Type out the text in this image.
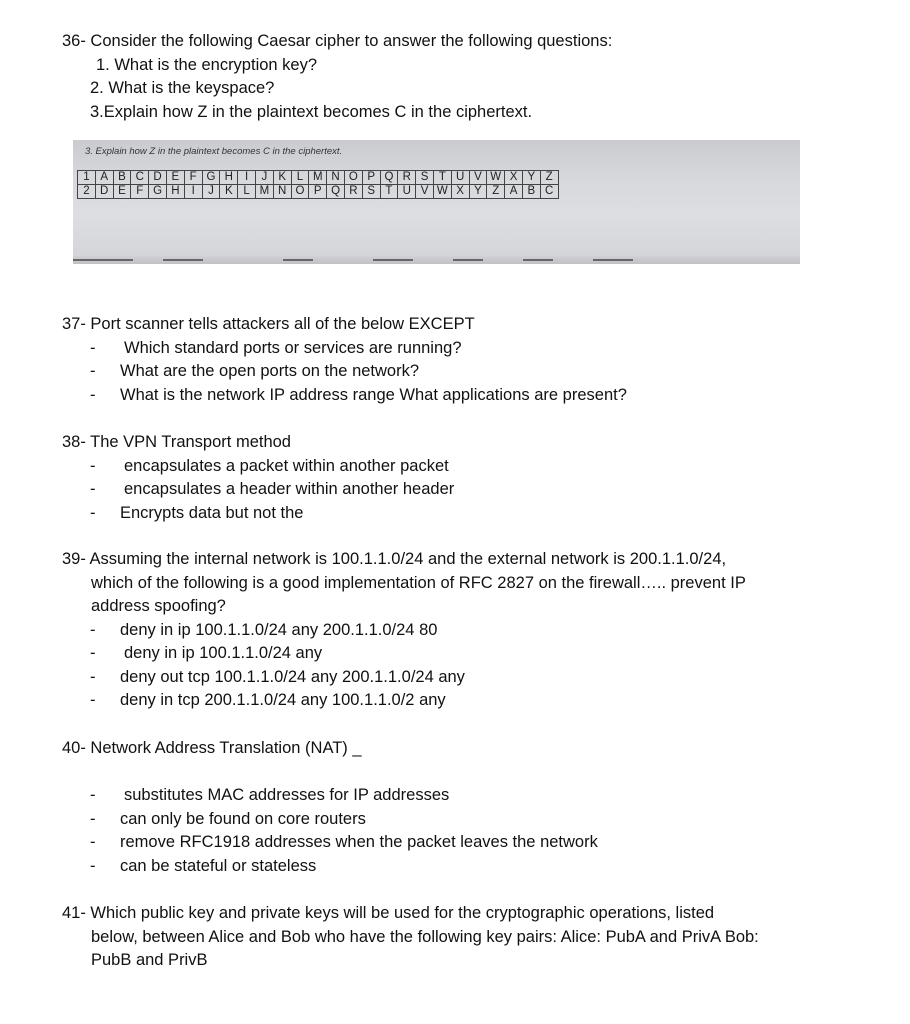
36- Consider the following Caesar cipher to answer the following questions:
1. What is the encryption key?
2. What is the keyspace?
3.Explain how Z in the plaintext becomes C in the ciphertext.
3. Explain how Z in the plaintext becomes C in the ciphertext.
1	A	B	C	D	E	F	G	H	I	J	K	L	M	N	O	P	Q	R	S	T	U	V	W	X	Y	Z
2	D	E	F	G	H	I	J	K	L	M	N	O	P	Q	R	S	T	U	V	W	X	Y	Z	A	B	C
37- Port scanner tells attackers all of the below EXCEPT
-	Which standard ports or services are running?
-	What are the open ports on the network?
-	What is the network IP address range What applications are present?
38- The VPN Transport method
-	encapsulates a packet within another packet
-	encapsulates a header within another header
-	Encrypts data but not the
39- Assuming the internal network is 100.1.1.0/24 and the external network is 200.1.1.0/24,
which of the following is a good implementation of RFC 2827 on the firewall….. prevent IP
address spoofing?
-	deny in ip 100.1.1.0/24 any 200.1.1.0/24 80
-	deny in ip 100.1.1.0/24 any
-	deny out tcp 100.1.1.0/24 any 200.1.1.0/24 any
-	deny in tcp 200.1.1.0/24 any 100.1.1.0/2 any
40- Network Address Translation (NAT) _
-	substitutes MAC addresses for IP addresses
-	can only be found on core routers
-	remove RFC1918 addresses when the packet leaves the network
-	can be stateful or stateless
41- Which public key and private keys will be used for the cryptographic operations, listed
below, between Alice and Bob who have the following key pairs: Alice: PubA and PrivA Bob:
PubB and PrivB
